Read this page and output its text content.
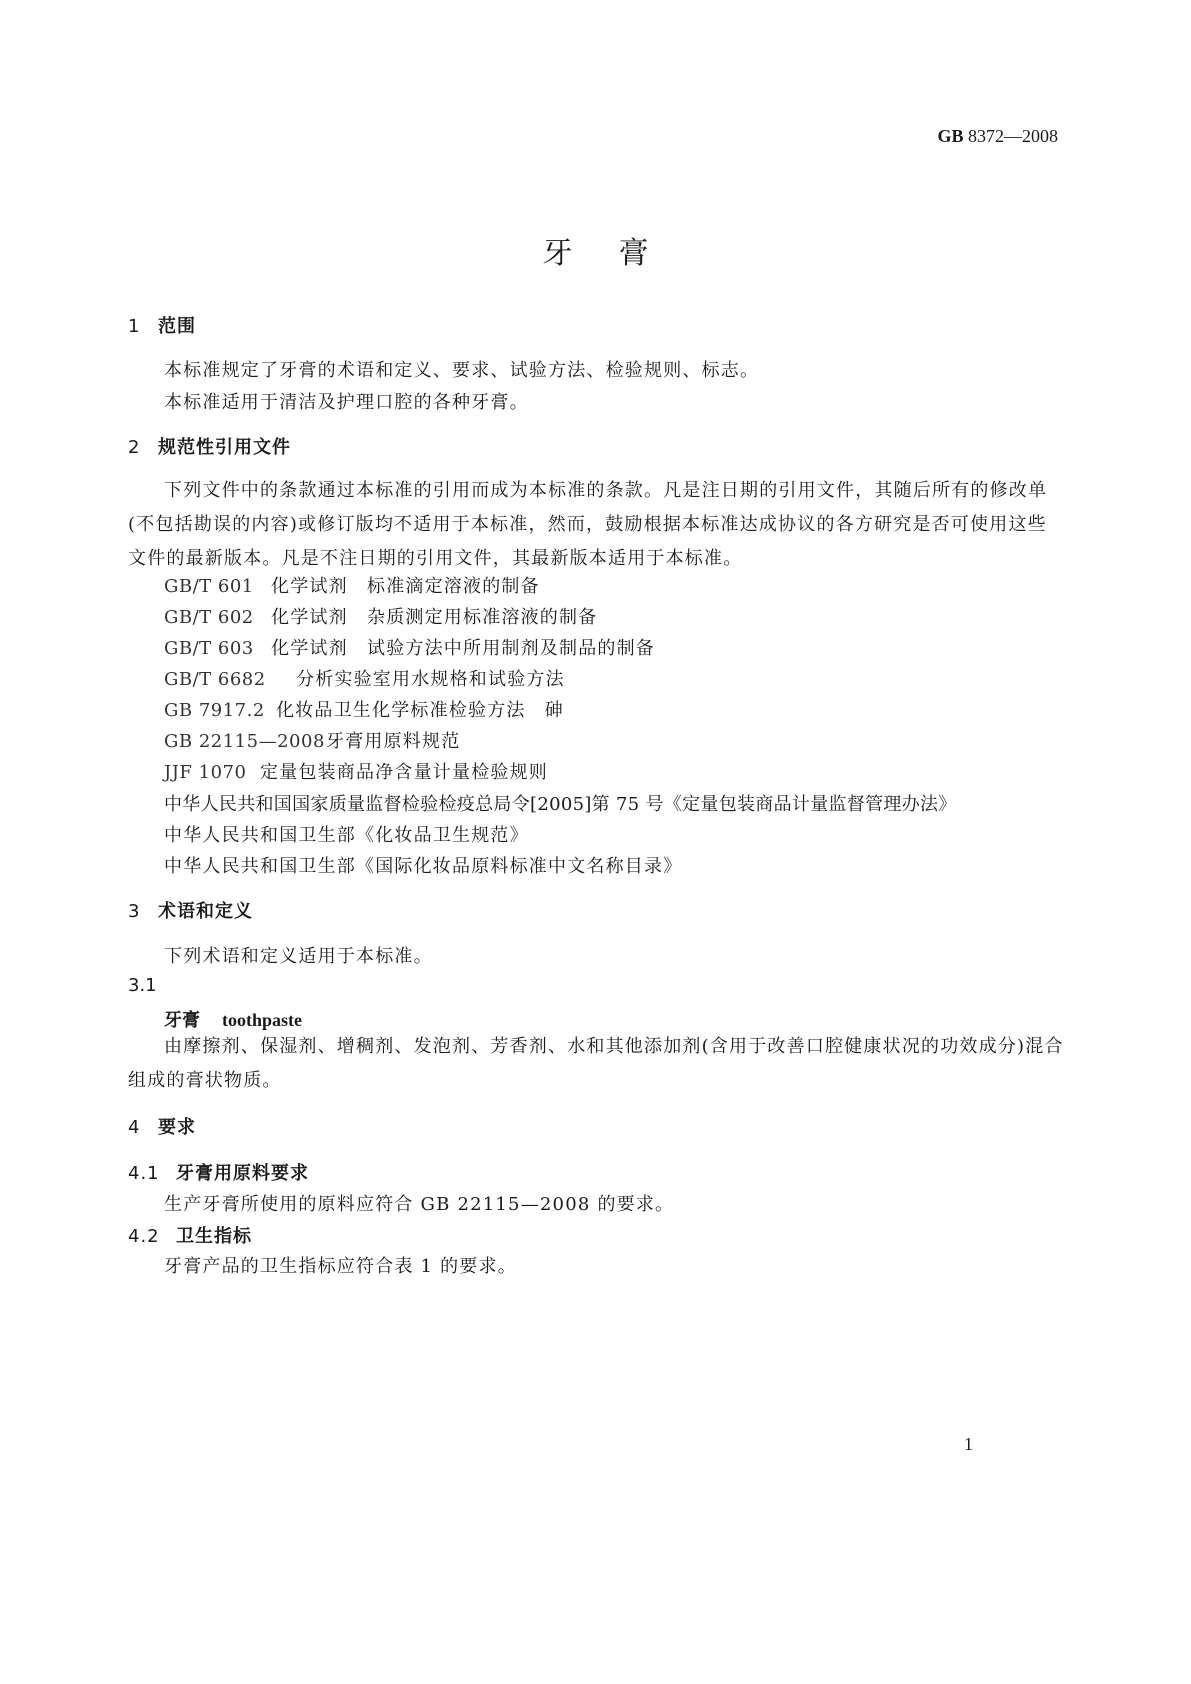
GB 8372—2008
牙膏
1 范围
本标准规定了牙膏的术语和定义、要求、试验方法、检验规则、标志。
本标准适用于清洁及护理口腔的各种牙膏。
2 规范性引用文件
下列文件中的条款通过本标准的引用而成为本标准的条款。凡是注日期的引用文件，其随后所有的修改单(不包括勘误的内容)或修订版均不适用于本标准，然而，鼓励根据本标准达成协议的各方研究是否可使用这些文件的最新版本。凡是不注日期的引用文件，其最新版本适用于本标准。
GB/T 601 化学试剂　标准滴定溶液的制备
GB/T 602 化学试剂　杂质测定用标准溶液的制备
GB/T 603 化学试剂　试验方法中所用制剂及制品的制备
GB/T 6682 分析实验室用水规格和试验方法
GB 7917.2 化妆品卫生化学标准检验方法　砷
GB 22115—2008牙膏用原料规范
JJF 1070 定量包装商品净含量计量检验规则
中华人民共和国国家质量监督检验检疫总局令[2005]第 75 号《定量包装商品计量监督管理办法》
中华人民共和国卫生部《化妆品卫生规范》
中华人民共和国卫生部《国际化妆品原料标准中文名称目录》
3 术语和定义
下列术语和定义适用于本标准。
3.1
牙膏 toothpaste
由摩擦剂、保湿剂、增稠剂、发泡剂、芳香剂、水和其他添加剂(含用于改善口腔健康状况的功效成分)混合组成的膏状物质。
4 要求
4.1 牙膏用原料要求
生产牙膏所使用的原料应符合 GB 22115—2008 的要求。
4.2 卫生指标
牙膏产品的卫生指标应符合表 1 的要求。
1
